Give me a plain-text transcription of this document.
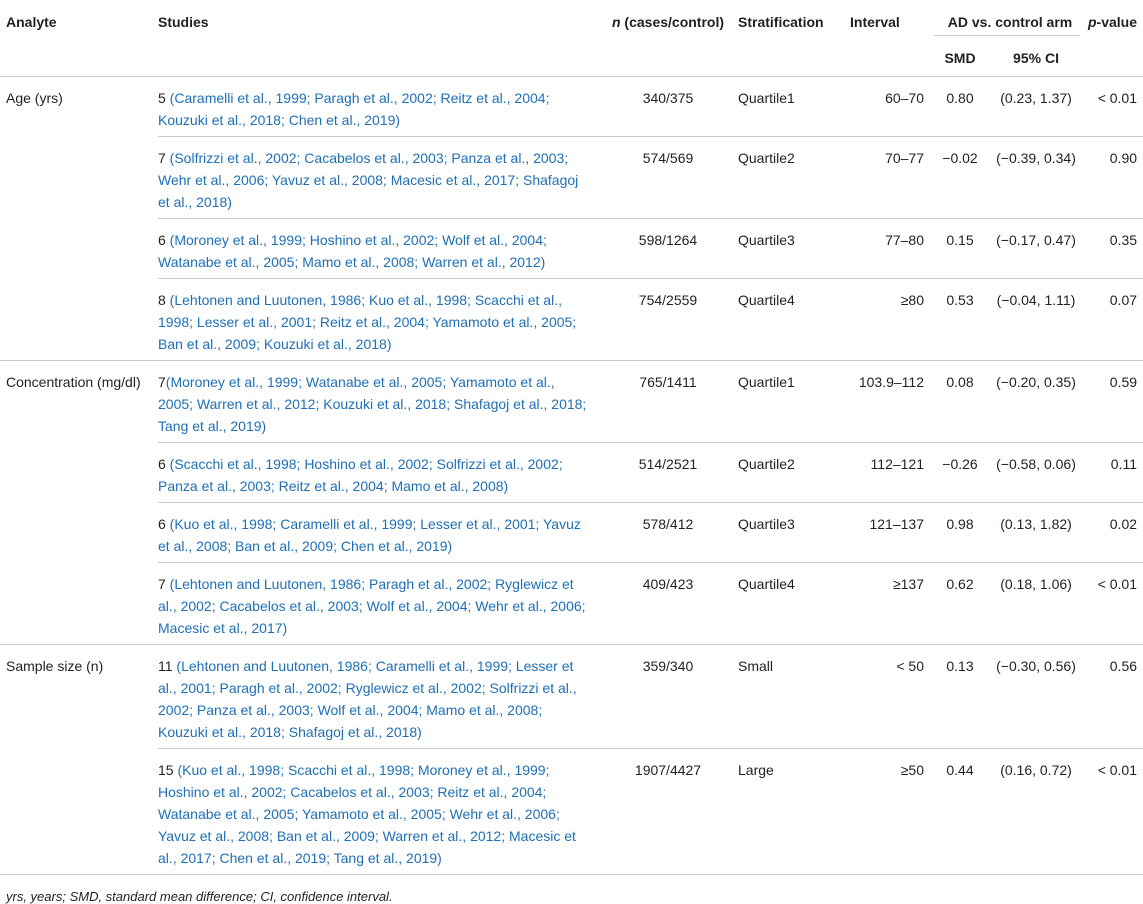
Analyte	Studies	n (cases/control)	Stratification	Interval	AD vs. control arm		p-value
					SMD	95% CI	
Age (yrs)	5 (Caramelli et al., 1999; Paragh et al., 2002; Reitz et al., 2004; Kouzuki et al., 2018; Chen et al., 2019)	340/375	Quartile1	60–70	0.80	(0.23, 1.37)	< 0.01
	7 (Solfrizzi et al., 2002; Cacabelos et al., 2003; Panza et al., 2003; Wehr et al., 2006; Yavuz et al., 2008; Macesic et al., 2017; Shafagoj et al., 2018)	574/569	Quartile2	70–77	−0.02	(−0.39, 0.34)	0.90
	6 (Moroney et al., 1999; Hoshino et al., 2002; Wolf et al., 2004; Watanabe et al., 2005; Mamo et al., 2008; Warren et al., 2012)	598/1264	Quartile3	77–80	0.15	(−0.17, 0.47)	0.35
	8 (Lehtonen and Luutonen, 1986; Kuo et al., 1998; Scacchi et al., 1998; Lesser et al., 2001; Reitz et al., 2004; Yamamoto et al., 2005; Ban et al., 2009; Kouzuki et al., 2018)	754/2559	Quartile4	≥80	0.53	(−0.04, 1.11)	0.07
Concentration (mg/dl)	7(Moroney et al., 1999; Watanabe et al., 2005; Yamamoto et al., 2005; Warren et al., 2012; Kouzuki et al., 2018; Shafagoj et al., 2018; Tang et al., 2019)	765/1411	Quartile1	103.9–112	0.08	(−0.20, 0.35)	0.59
	6 (Scacchi et al., 1998; Hoshino et al., 2002; Solfrizzi et al., 2002; Panza et al., 2003; Reitz et al., 2004; Mamo et al., 2008)	514/2521	Quartile2	112–121	−0.26	(−0.58, 0.06)	0.11
	6 (Kuo et al., 1998; Caramelli et al., 1999; Lesser et al., 2001; Yavuz et al., 2008; Ban et al., 2009; Chen et al., 2019)	578/412	Quartile3	121–137	0.98	(0.13, 1.82)	0.02
	7 (Lehtonen and Luutonen, 1986; Paragh et al., 2002; Ryglewicz et al., 2002; Cacabelos et al., 2003; Wolf et al., 2004; Wehr et al., 2006; Macesic et al., 2017)	409/423	Quartile4	≥137	0.62	(0.18, 1.06)	< 0.01
Sample size (n)	11 (Lehtonen and Luutonen, 1986; Caramelli et al., 1999; Lesser et al., 2001; Paragh et al., 2002; Ryglewicz et al., 2002; Solfrizzi et al., 2002; Panza et al., 2003; Wolf et al., 2004; Mamo et al., 2008; Kouzuki et al., 2018; Shafagoj et al., 2018)	359/340	Small	< 50	0.13	(−0.30, 0.56)	0.56
	15 (Kuo et al., 1998; Scacchi et al., 1998; Moroney et al., 1999; Hoshino et al., 2002; Cacabelos et al., 2003; Reitz et al., 2004; Watanabe et al., 2005; Yamamoto et al., 2005; Wehr et al., 2006; Yavuz et al., 2008; Ban et al., 2009; Warren et al., 2012; Macesic et al., 2017; Chen et al., 2019; Tang et al., 2019)	1907/4427	Large	≥50	0.44	(0.16, 0.72)	< 0.01
yrs, years; SMD, standard mean difference; CI, confidence interval.
